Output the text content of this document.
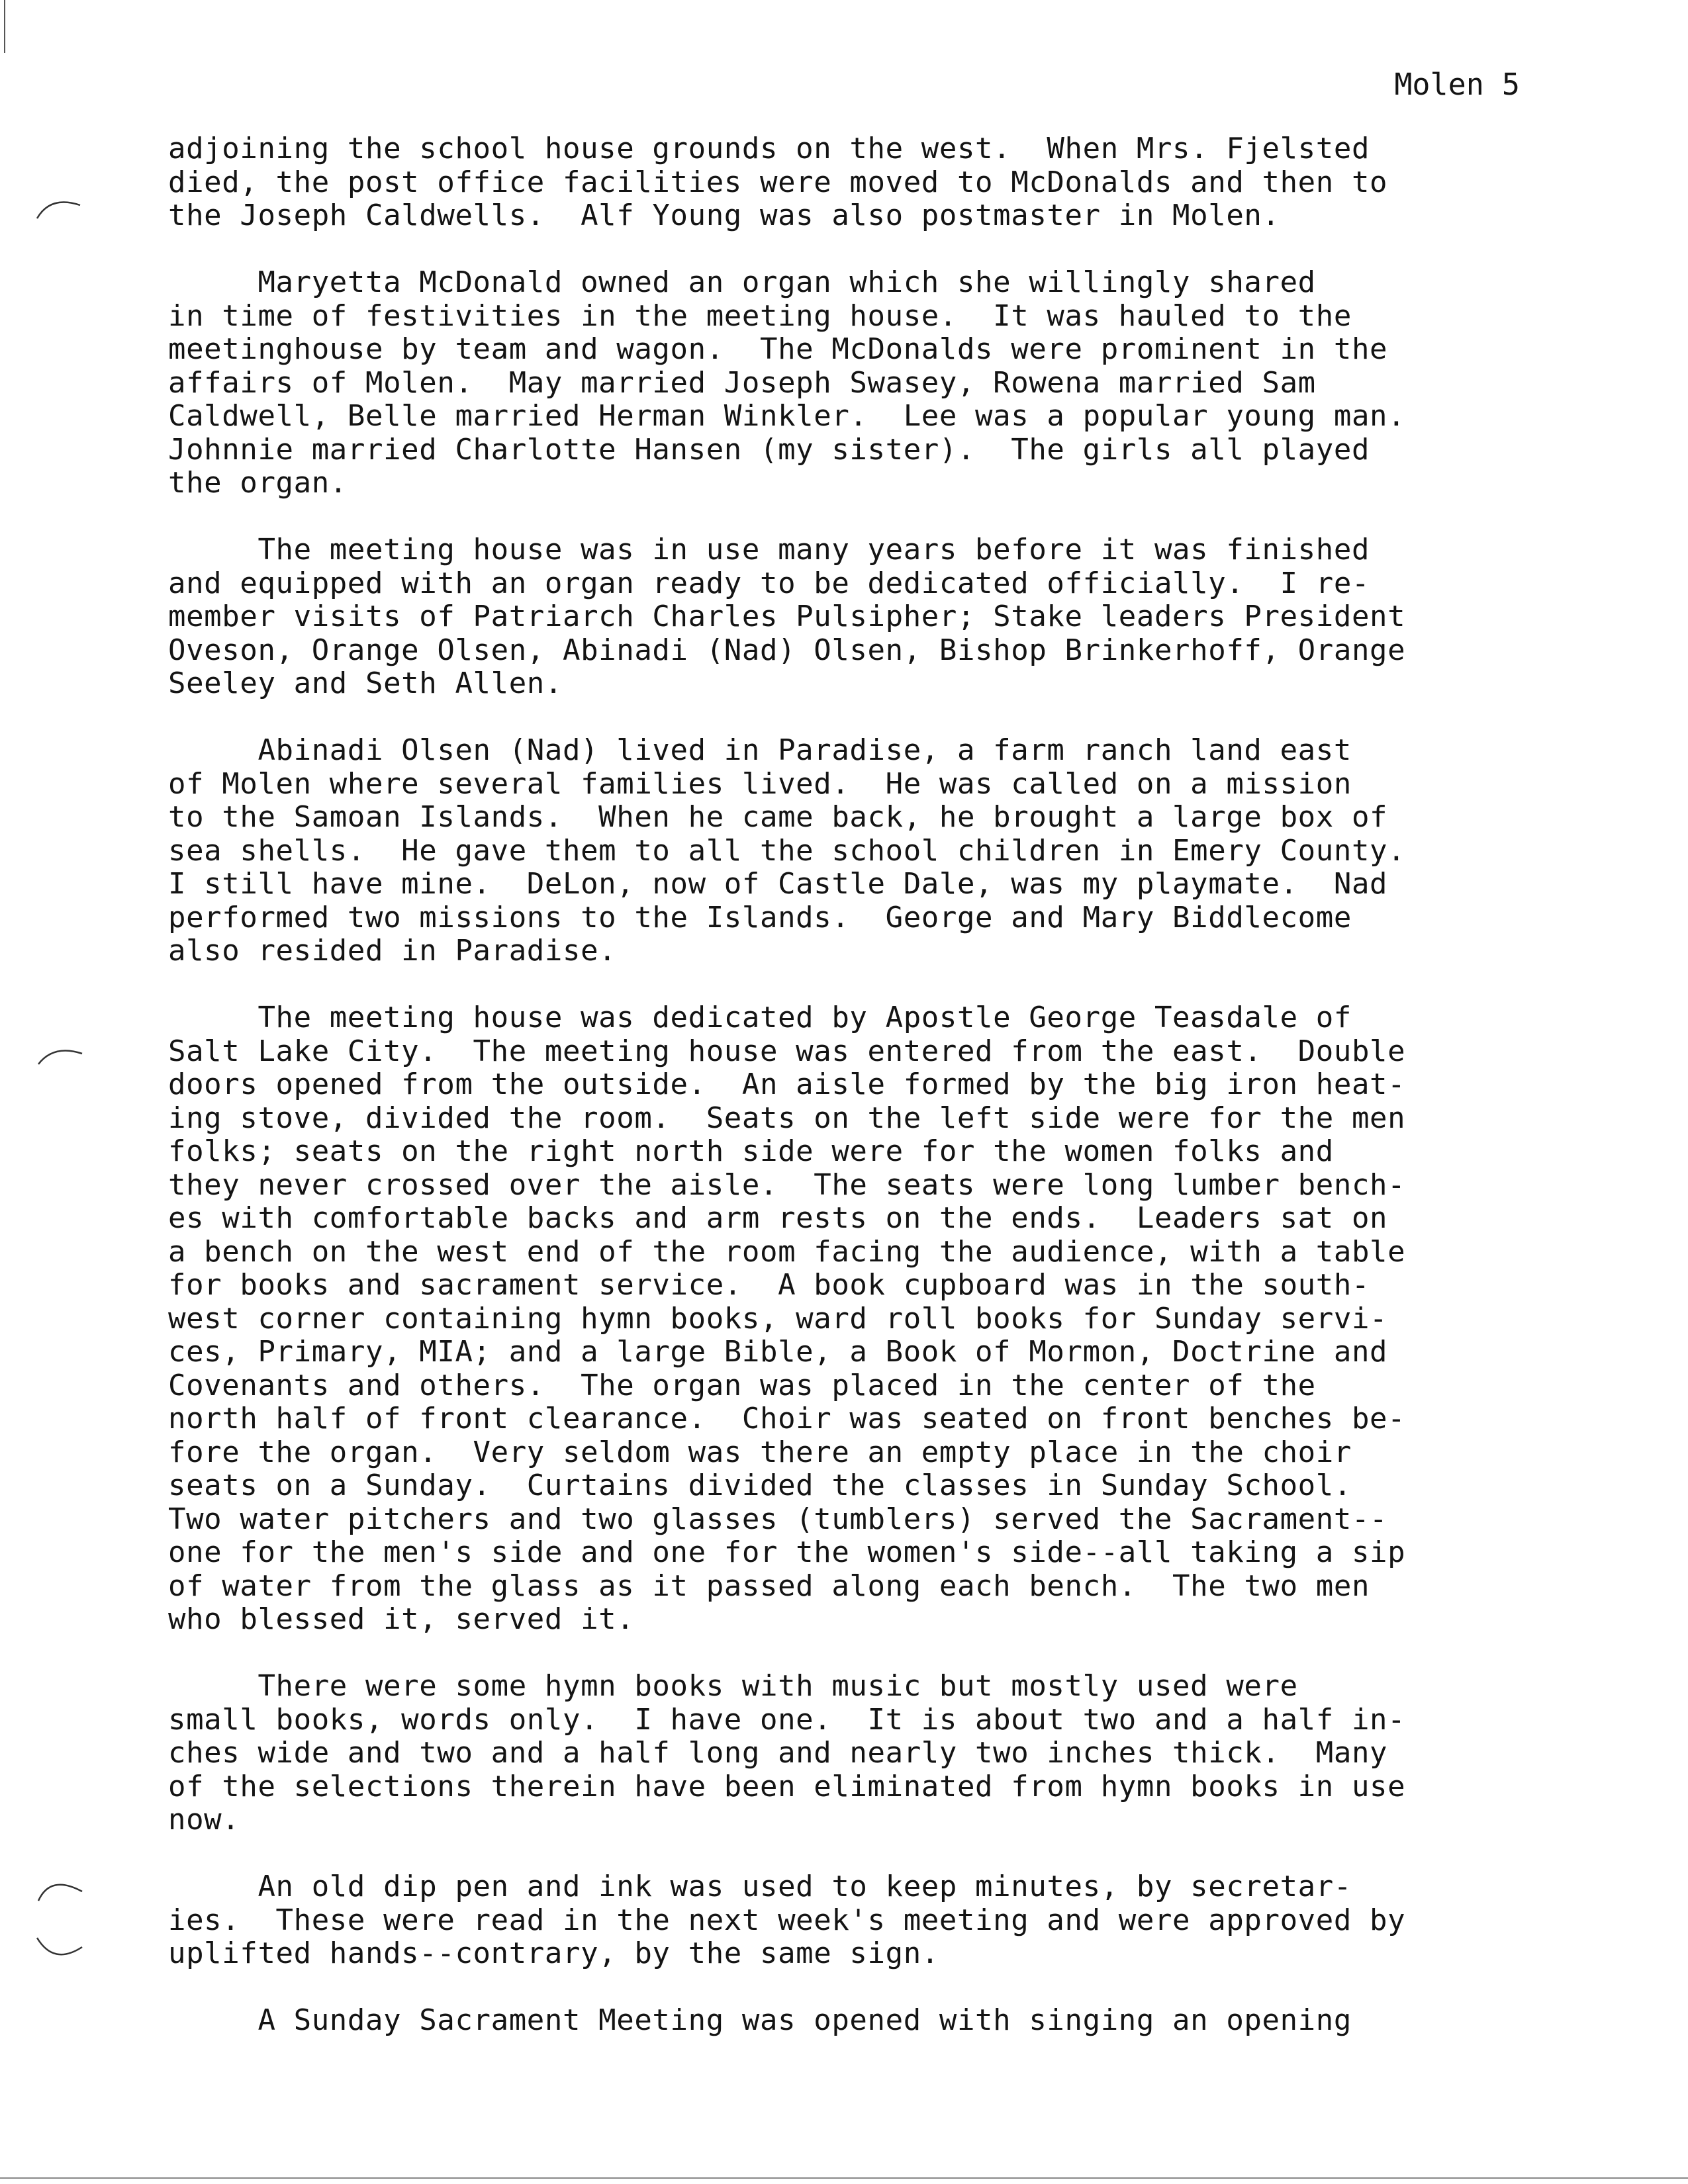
Molen 5
adjoining the school house grounds on the west.  When Mrs. Fjelsted
died, the post office facilities were moved to McDonalds and then to
the Joseph Caldwells.  Alf Young was also postmaster in Molen.
Maryetta McDonald owned an organ which she willingly shared
in time of festivities in the meeting house.  It was hauled to the
meetinghouse by team and wagon.  The McDonalds were prominent in the
affairs of Molen.  May married Joseph Swasey, Rowena married Sam
Caldwell, Belle married Herman Winkler.  Lee was a popular young man.
Johnnie married Charlotte Hansen (my sister).  The girls all played
the organ.
The meeting house was in use many years before it was finished
and equipped with an organ ready to be dedicated officially.  I re-
member visits of Patriarch Charles Pulsipher; Stake leaders President
Oveson, Orange Olsen, Abinadi (Nad) Olsen, Bishop Brinkerhoff, Orange
Seeley and Seth Allen.
Abinadi Olsen (Nad) lived in Paradise, a farm ranch land east
of Molen where several families lived.  He was called on a mission
to the Samoan Islands.  When he came back, he brought a large box of
sea shells.  He gave them to all the school children in Emery County.
I still have mine.  DeLon, now of Castle Dale, was my playmate.  Nad
performed two missions to the Islands.  George and Mary Biddlecome
also resided in Paradise.
The meeting house was dedicated by Apostle George Teasdale of
Salt Lake City.  The meeting house was entered from the east.  Double
doors opened from the outside.  An aisle formed by the big iron heat-
ing stove, divided the room.  Seats on the left side were for the men
folks; seats on the right north side were for the women folks and
they never crossed over the aisle.  The seats were long lumber bench-
es with comfortable backs and arm rests on the ends.  Leaders sat on
a bench on the west end of the room facing the audience, with a table
for books and sacrament service.  A book cupboard was in the south-
west corner containing hymn books, ward roll books for Sunday servi-
ces, Primary, MIA; and a large Bible, a Book of Mormon, Doctrine and
Covenants and others.  The organ was placed in the center of the
north half of front clearance.  Choir was seated on front benches be-
fore the organ.  Very seldom was there an empty place in the choir
seats on a Sunday.  Curtains divided the classes in Sunday School.
Two water pitchers and two glasses (tumblers) served the Sacrament--
one for the men's side and one for the women's side--all taking a sip
of water from the glass as it passed along each bench.  The two men
who blessed it, served it.
There were some hymn books with music but mostly used were
small books, words only.  I have one.  It is about two and a half in-
ches wide and two and a half long and nearly two inches thick.  Many
of the selections therein have been eliminated from hymn books in use
now.
An old dip pen and ink was used to keep minutes, by secretar-
ies.  These were read in the next week's meeting and were approved by
uplifted hands--contrary, by the same sign.
A Sunday Sacrament Meeting was opened with singing an opening
